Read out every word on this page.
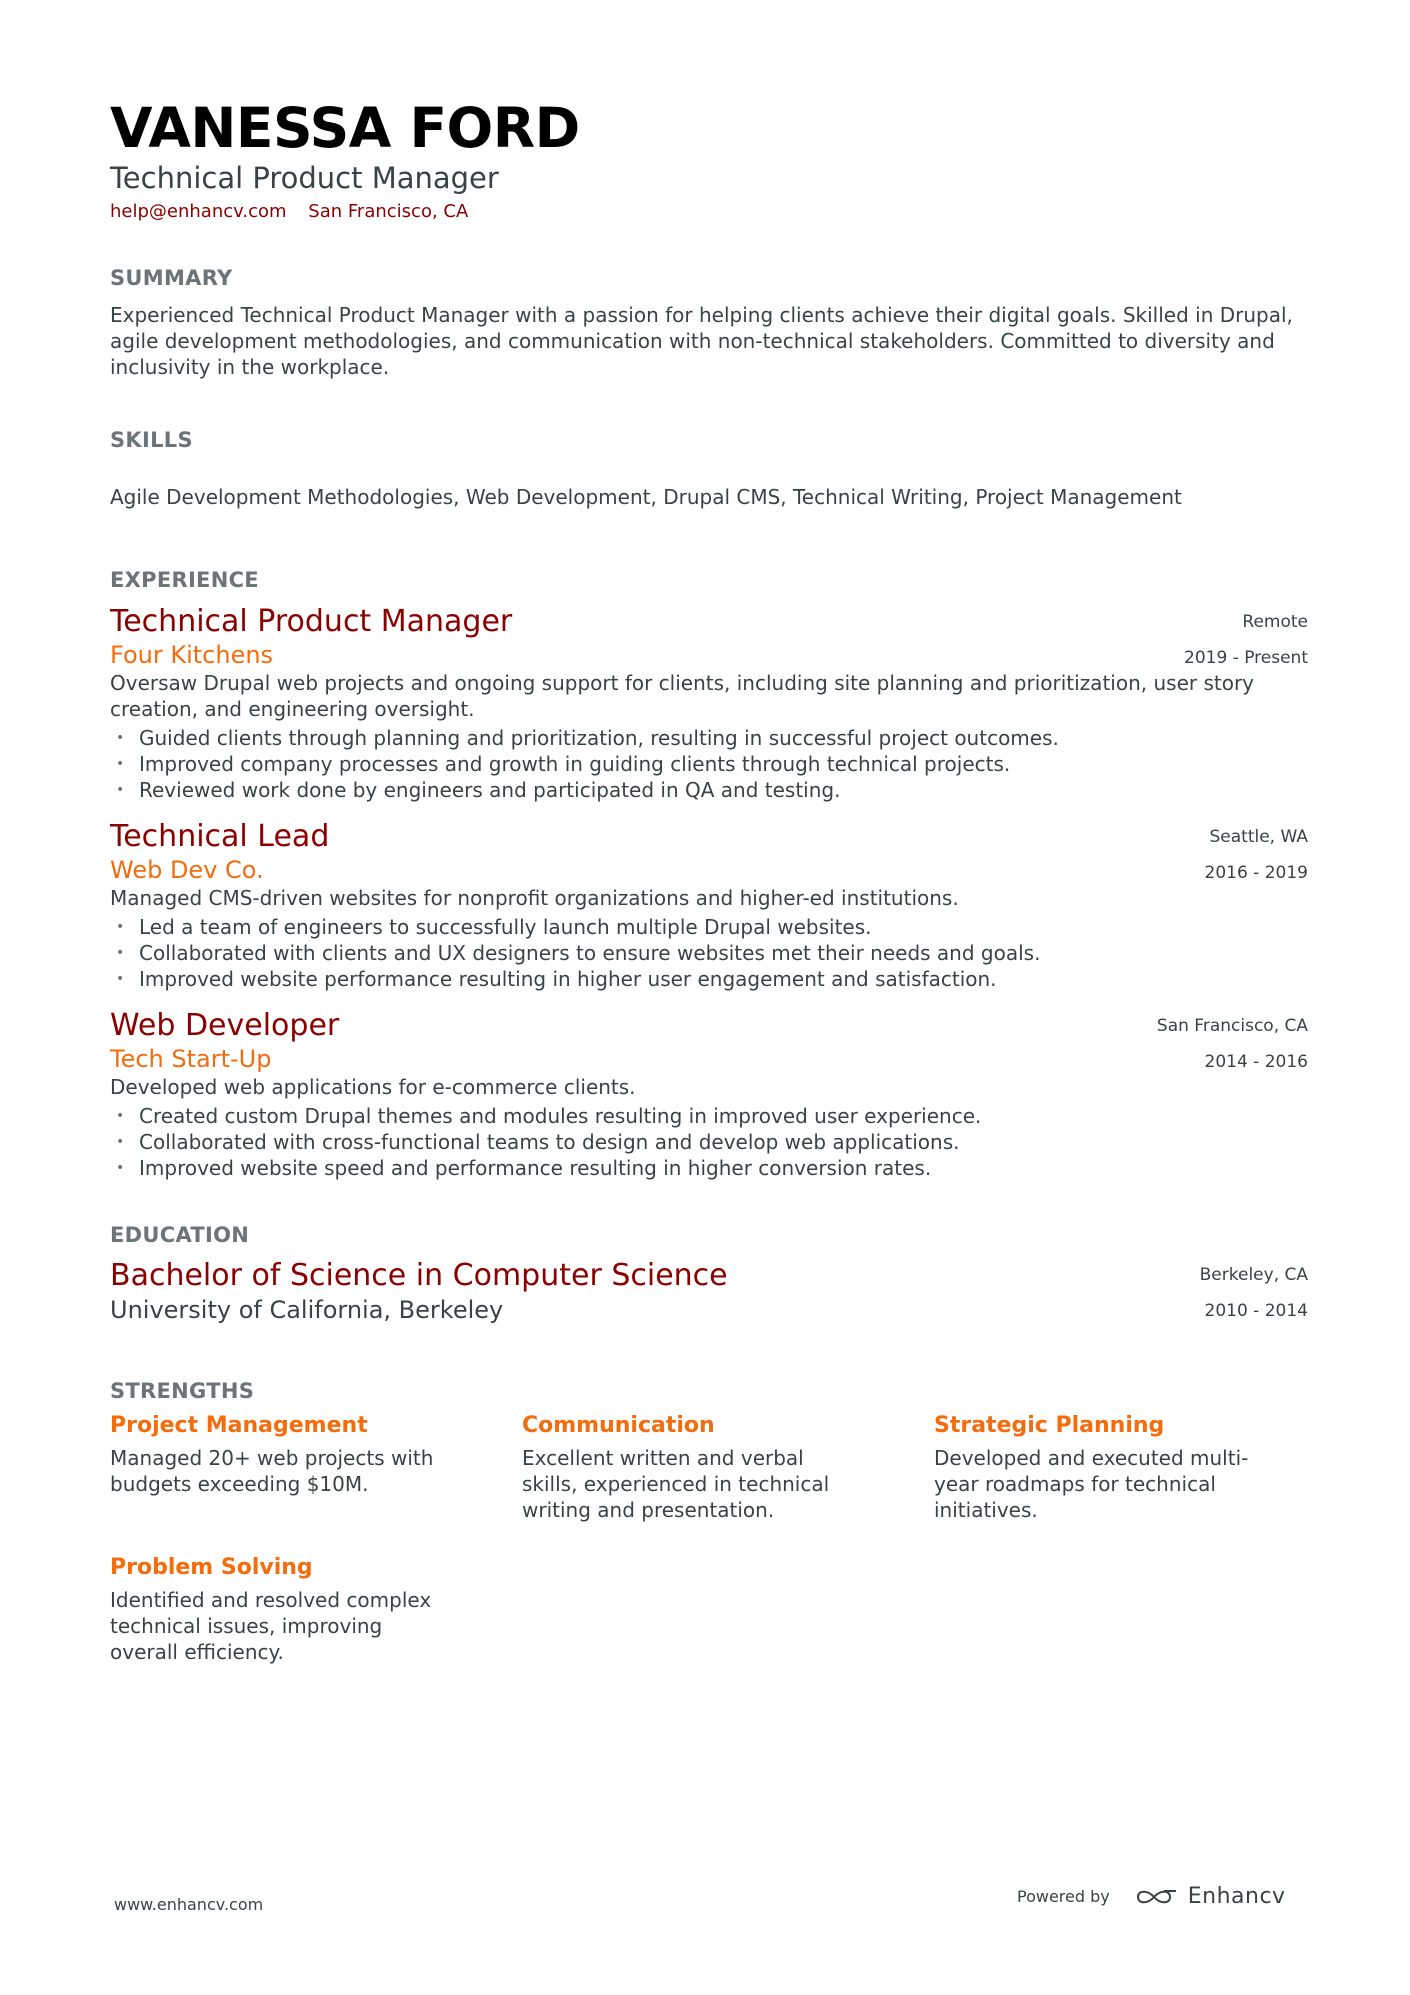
VANESSA FORD
Technical Product Manager
help@enhancv.com San Francisco, CA
SUMMARY
Experienced Technical Product Manager with a passion for helping clients achieve their digital goals. Skilled in Drupal, agile development methodologies, and communication with non-technical stakeholders. Committed to diversity and inclusivity in the workplace.
SKILLS
Agile Development Methodologies, Web Development, Drupal CMS, Technical Writing, Project Management
EXPERIENCE
Technical Product Manager
Four Kitchens
Remote
2019 - Present
Oversaw Drupal web projects and ongoing support for clients, including site planning and prioritization, user story creation, and engineering oversight.
• Guided clients through planning and prioritization, resulting in successful project outcomes.
• Improved company processes and growth in guiding clients through technical projects.
• Reviewed work done by engineers and participated in QA and testing.
Technical Lead
Web Dev Co.
Seattle, WA
2016 - 2019
Managed CMS-driven websites for nonprofit organizations and higher-ed institutions.
• Led a team of engineers to successfully launch multiple Drupal websites.
• Collaborated with clients and UX designers to ensure websites met their needs and goals.
• Improved website performance resulting in higher user engagement and satisfaction.
Web Developer
Tech Start-Up
San Francisco, CA
2014 - 2016
Developed web applications for e-commerce clients.
• Created custom Drupal themes and modules resulting in improved user experience.
• Collaborated with cross-functional teams to design and develop web applications.
• Improved website speed and performance resulting in higher conversion rates.
EDUCATION
Bachelor of Science in Computer Science
University of California, Berkeley
Berkeley, CA
2010 - 2014
STRENGTHS
Project Management
Managed 20+ web projects with budgets exceeding $10M.
Communication
Excellent written and verbal skills, experienced in technical writing and presentation.
Strategic Planning
Developed and executed multi-year roadmaps for technical initiatives.
Problem Solving
Identified and resolved complex technical issues, improving overall efficiency.
www.enhancv.com	Powered by	Enhancv
